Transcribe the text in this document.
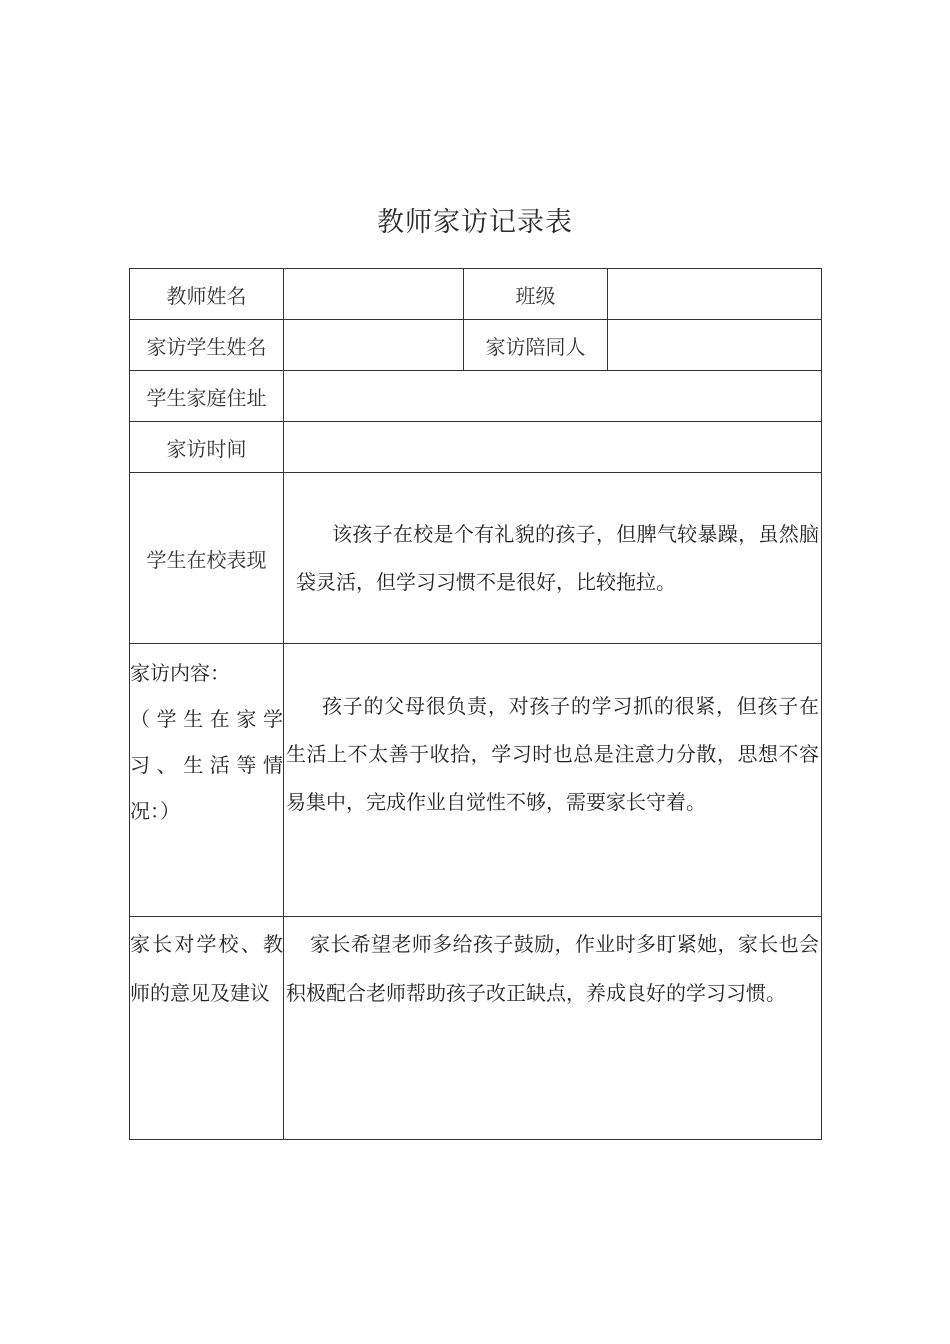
教师家访记录表
教师姓名		班级	
家访学生姓名		家访陪同人	
学生家庭住址			
家访时间			
学生在校表现	该孩子在校是个有礼貌的孩子，但脾气较暴躁，虽然脑袋灵活，但学习习惯不是很好，比较拖拉。		

家访内容：
（学生在家学习、生活等情况：）	孩子的父母很负责，对孩子的学习抓的很紧，但孩子在生活上不太善于收拾，学习时也总是注意力分散，思想不容易集中，完成作业自觉性不够，需要家长守着。		

家长对学校、教师的意见及建议	家长希望老师多给孩子鼓励，作业时多盯紧她，家长也会积极配合老师帮助孩子改正缺点，养成良好的学习习惯。		
